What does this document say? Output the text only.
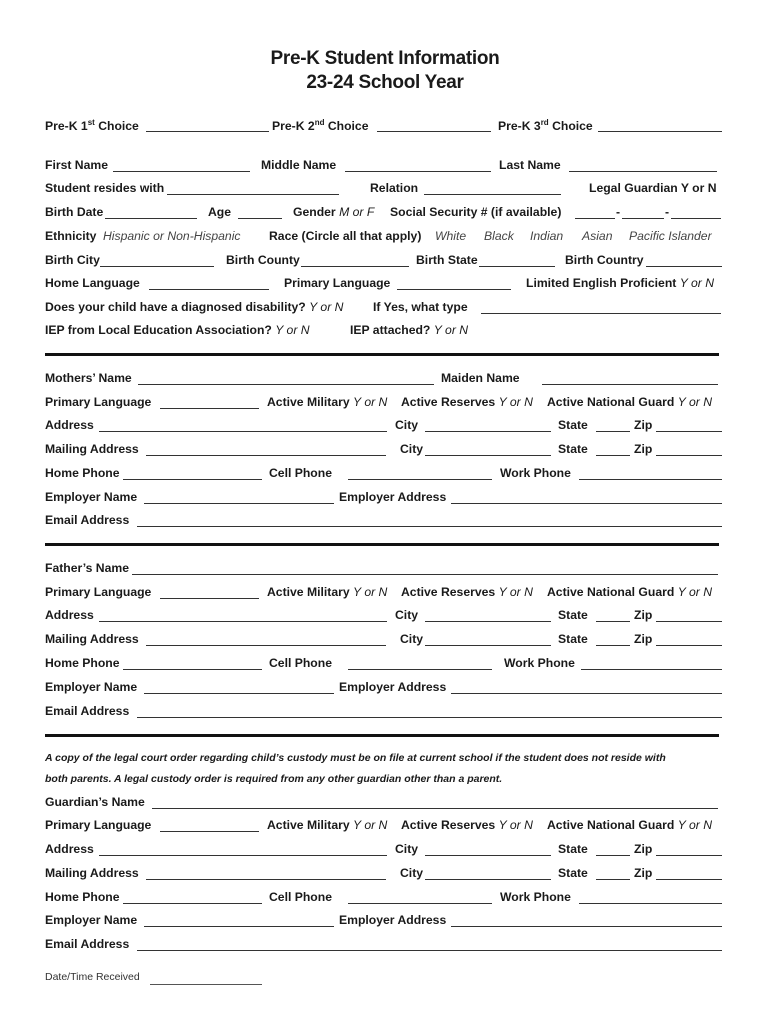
Pre-K Student Information
23-24 School Year
Pre-K 1st Choice	Pre-K 2nd Choice	Pre-K 3rd Choice
First Name	Middle Name	Last Name
Student resides with	Relation	Legal Guardian Y or N
Birth Date	Age	Gender M or F Social Security # (if available)	-	-
Ethnicity Hispanic or Non-Hispanic Race (Circle all that apply) White Black Indian Asian Pacific Islander
Birth City	Birth County	Birth State	Birth Country
Home Language	Primary Language	Limited English Proficient Y or N
Does your child have a diagnosed disability? Y or N If Yes, what type
IEP from Local Education Association? Y or N	IEP attached? Y or N
Mothers’ Name	Maiden Name
Primary Language	Active Military Y or N Active Reserves Y or N Active National Guard Y or N
Address	City	State	Zip
Mailing Address	City	State	Zip
Home Phone	Cell Phone	Work Phone
Employer Name	Employer Address
Email Address
Father’s Name
Primary Language	Active Military Y or N Active Reserves Y or N Active National Guard Y or N
Address	City	State	Zip
Mailing Address	City	State	Zip
Home Phone	Cell Phone	Work Phone
Employer Name	Employer Address
Email Address
A copy of the legal court order regarding child’s custody must be on file at current school if the student does not reside with
both parents. A legal custody order is required from any other guardian other than a parent.
Guardian’s Name
Primary Language	Active Military Y or N Active Reserves Y or N Active National Guard Y or N
Address	City	State	Zip
Mailing Address	City	State	Zip
Home Phone	Cell Phone	Work Phone
Employer Name	Employer Address
Email Address
Date/Time Received
